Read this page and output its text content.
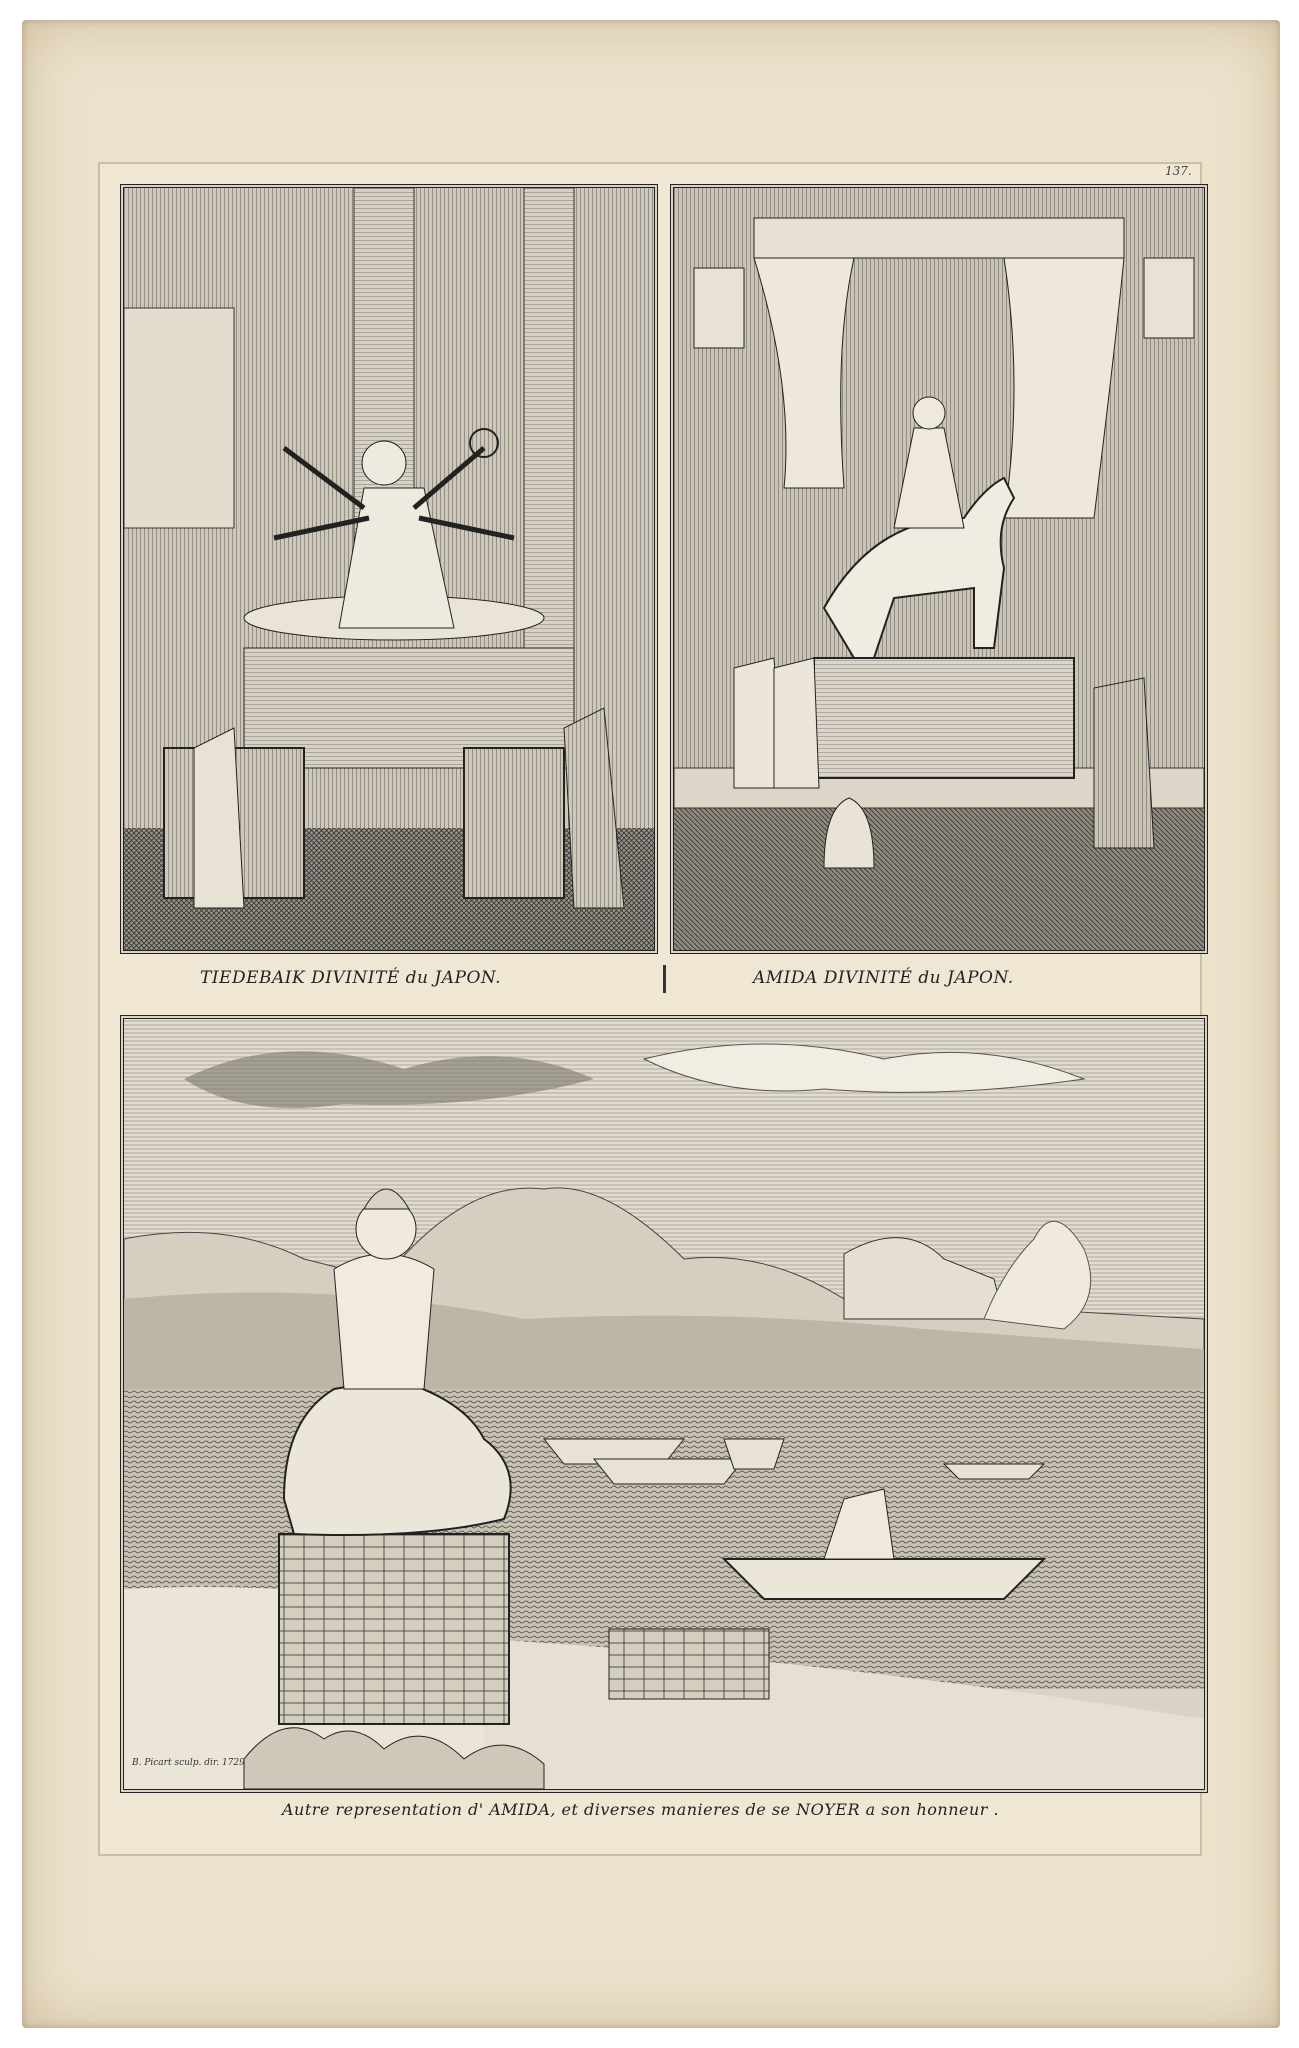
137.
TIEDEBAIK DIVINITÉ du JAPON.	AMIDA DIVINITÉ du JAPON.
B. Picart sculp. dir. 1729
Autre representation d' AMIDA, et diverses manieres de se NOYER a son honneur .
